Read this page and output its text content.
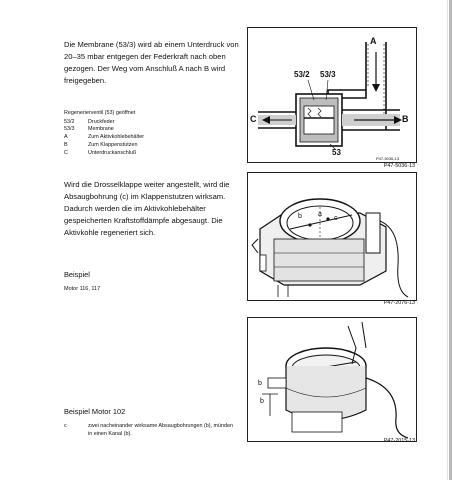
Die Membrane (53/3) wird ab einem Unterdruck von 20–35 mbar entgegen der Federkraft nach oben gezogen. Der Weg vom Anschluß A nach B wird freigegeben.
Regenerierventil (53) geöffnet
53/2	Druckfeder
53/3	Membrane
A	Zum Aktivkohlebehälter
B	Zum Klappenstutzen
C	Unterdruckanschluß
Wird die Drosselklappe weiter angestellt, wird die Absaugbohrung (c) im Klappenstutzen wirksam. Dadurch werden die im Aktivkohlebehälter gespeicherten Kraftstoffdämpfe abgesaugt. Die Aktivkohle regeneriert sich.
Beispiel
Motor 116, 117
Beispiel Motor 102
c	zwei nacheinander wirksame Absaugbohrungen (b), münden in einen Kanal (b).
53/2 53/3
53
A
B
C
P47-5036-13
P47-5036-13
b a
c
P47-2076-13
b
b
P47-2015-13
